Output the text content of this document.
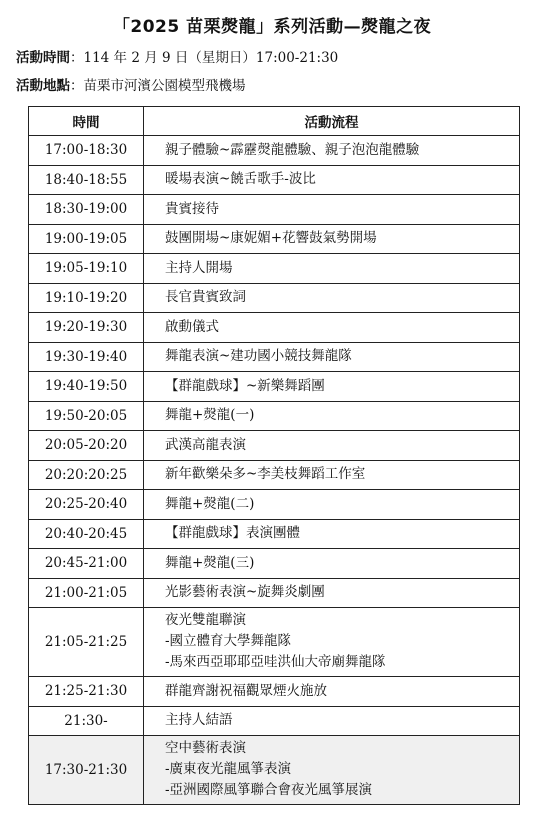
「2025 苗栗㷫龍」系列活動—㷫龍之夜
活動時間：114 年 2 月 9 日（星期日）17:00-21:30
活動地點：苗栗市河濱公園模型飛機場
時間	活動流程
17:00-18:30	親子體驗~霹靂㷫龍體驗、親子泡泡龍體驗

18:40-18:55	暖場表演~饒舌歌手-波比

18:30-19:00	貴賓接待

19:00-19:05	鼓團開場~康妮媚+花響鼓氣勢開場

19:05-19:10	主持人開場

19:10-19:20	長官貴賓致詞

19:20-19:30	啟動儀式

19:30-19:40	舞龍表演~建功國小競技舞龍隊

19:40-19:50	【群龍戲球】~新樂舞蹈團

19:50-20:05	舞龍+㷫龍(一)

20:05-20:20	武漢高龍表演

20:20:20:25	新年歡樂朵多~李美枝舞蹈工作室

20:25-20:40	舞龍+㷫龍(二)

20:40-20:45	【群龍戲球】表演團體

20:45-21:00	舞龍+㷫龍(三)

21:00-21:05	光影藝術表演~旋舞炎劇團

21:05-21:25	夜光雙龍聯演
-國立體育大學舞龍隊
-馬來西亞耶耶亞哇洪仙大帝廟舞龍隊

21:25-21:30	群龍齊謝祝福觀眾煙火施放

21:30-	主持人結語

17:30-21:30	空中藝術表演
-廣東夜光龍風箏表演
-亞洲國際風箏聯合會夜光風箏展演
